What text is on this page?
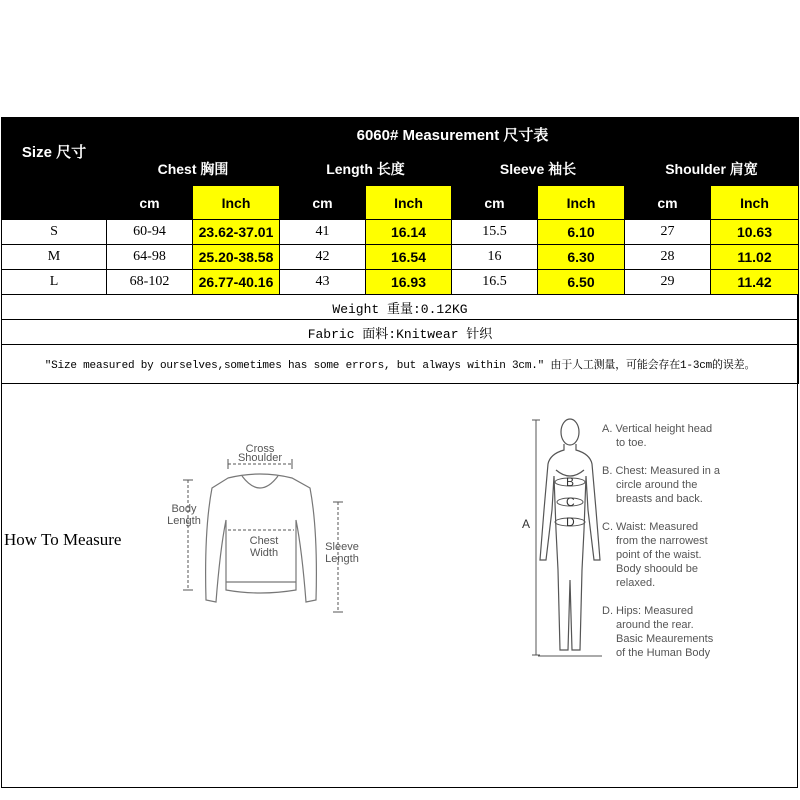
Size 尺寸	6060# Measurement 尺寸表							
	Chest 胸围		Length 长度		Sleeve 袖长		Shoulder 肩宽	
	cm	Inch	cm	Inch	cm	Inch	cm	Inch
S	60-94	23.62-37.01	41	16.14	15.5	6.10	27	10.63
M	64-98	25.20-38.58	42	16.54	16	6.30	28	11.02
L	68-102	26.77-40.16	43	16.93	16.5	6.50	29	11.42
Weight 重量:0.12KG								
Fabric 面料:Knitwear 针织								
"Size measured by ourselves,sometimes has some errors, but always within 3cm." 由于人工测量，可能会存在1-3cm的误差。								
How To Measure
Cross
Shoulder
Body
Length
Chest
Width	Sleeve
Length
A
B
C
D
A. Vertical height head
to toe.
B. Chest: Measured in a
circle around the
breasts and back.
C. Waist: Measured
from the narrowest
point of the waist.
Body shoould be
relaxed.
D. Hips: Measured
around the rear.
Basic Meaurements
of the Human Body
